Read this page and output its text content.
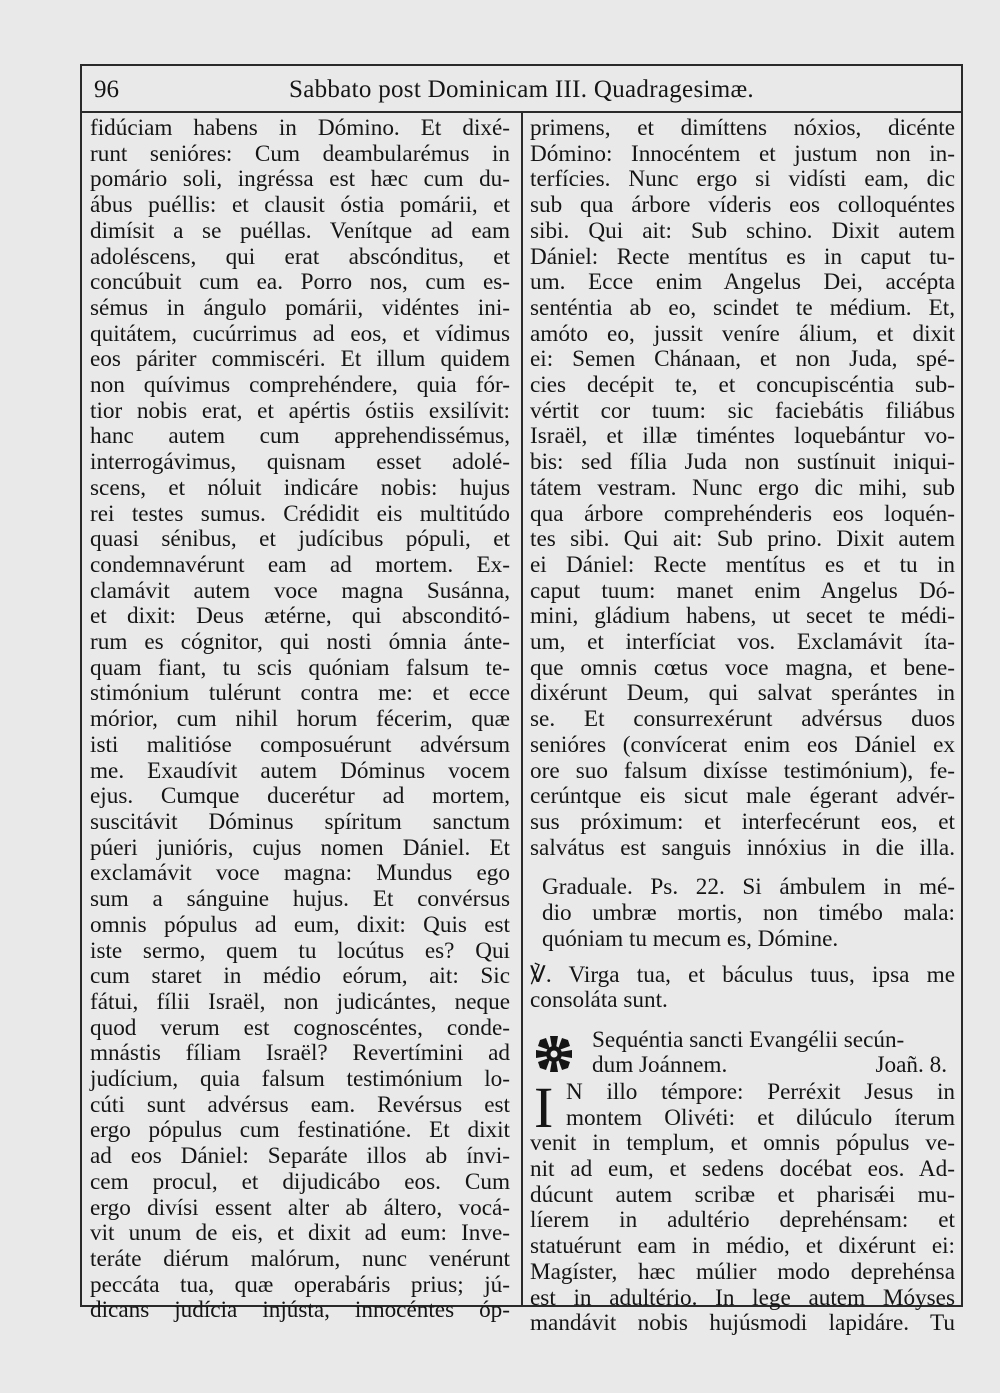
96	Sabbato post Dominicam III. Quadragesimæ.
fidúciam habens in Dómino. Et dixé-
runt senióres: Cum deambularémus in
pomário soli, ingréssa est hæc cum du-
ábus puéllis: et clausit óstia pomárii, et
dimísit a se puéllas. Venítque ad eam
adoléscens, qui erat abscónditus, et
concúbuit cum ea. Porro nos, cum es-
sémus in ángulo pomárii, vidéntes ini-
quitátem, cucúrrimus ad eos, et vídimus
eos páriter commiscéri. Et illum quidem
non quívimus comprehéndere, quia fór-
tior nobis erat, et apértis óstiis exsilívit:
hanc autem cum apprehendissémus,
interrogávimus, quisnam esset adolé-
scens, et nóluit indicáre nobis: hujus
rei testes sumus. Crédidit eis multitúdo
quasi sénibus, et judícibus pópuli, et
condemnavérunt eam ad mortem. Ex-
clamávit autem voce magna Susánna,
et dixit: Deus ætérne, qui absconditó-
rum es cógnitor, qui nosti ómnia ánte-
quam fiant, tu scis quóniam falsum te-
stimónium tulérunt contra me: et ecce
mórior, cum nihil horum fécerim, quæ
isti malitióse composuérunt advérsum
me. Exaudívit autem Dóminus vocem
ejus. Cumque ducerétur ad mortem,
suscitávit Dóminus spíritum sanctum
púeri junióris, cujus nomen Dániel. Et
exclamávit voce magna: Mundus ego
sum a sánguine hujus. Et convérsus
omnis pópulus ad eum, dixit: Quis est
iste sermo, quem tu locútus es? Qui
cum staret in médio eórum, ait: Sic
fátui, fílii Israël, non judicántes, neque
quod verum est cognoscéntes, conde-
mnástis fíliam Israël? Revertímini ad
judícium, quia falsum testimónium lo-
cúti sunt advérsus eam. Revérsus est
ergo pópulus cum festinatióne. Et dixit
ad eos Dániel: Separáte illos ab ínvi-
cem procul, et dijudicábo eos. Cum
ergo divísi essent alter ab áltero, vocá-
vit unum de eis, et dixit ad eum: Inve-
teráte diérum malórum, nunc venérunt
peccáta tua, quæ operabáris prius; jú-
dicans judícia injústa, innocéntes óp-
primens, et dimíttens nóxios, dicénte
Dómino: Innocéntem et justum non in-
terfícies. Nunc ergo si vidísti eam, dic
sub qua árbore víderis eos colloquéntes
sibi. Qui ait: Sub schino. Dixit autem
Dániel: Recte mentítus es in caput tu-
um. Ecce enim Angelus Dei, accépta
senténtia ab eo, scindet te médium. Et,
amóto eo, jussit veníre álium, et dixit
ei: Semen Chánaan, et non Juda, spé-
cies decépit te, et concupiscéntia sub-
vértit cor tuum: sic faciebátis filiábus
Israël, et illæ timéntes loquebántur vo-
bis: sed fília Juda non sustínuit iniqui-
tátem vestram. Nunc ergo dic mihi, sub
qua árbore comprehénderis eos loquén-
tes sibi. Qui ait: Sub prino. Dixit autem
ei Dániel: Recte mentítus es et tu in
caput tuum: manet enim Angelus Dó-
mini, gládium habens, ut secet te médi-
um, et interfíciat vos. Exclamávit íta-
que omnis cœtus voce magna, et bene-
dixérunt Deum, qui salvat sperántes in
se. Et consurrexérunt advérsus duos
senióres (convícerat enim eos Dániel ex
ore suo falsum dixísse testimónium), fe-
cerúntque eis sicut male égerant advér-
sus próximum: et interfecérunt eos, et
salvátus est sanguis innóxius in die illa.
Graduale. Ps. 22. Si ámbulem in mé-
dio umbræ mortis, non timébo mala:
quóniam tu mecum es, Dómine.
℣. Virga tua, et báculus tuus, ipsa me
consoláta sunt.
Sequéntia sancti Evangélii secún-
dum Joánnem.	Joañ. 8.
I N illo témpore: Perréxit Jesus in
montem Olivéti: et dilúculo íterum
venit in templum, et omnis pópulus ve-
nit ad eum, et sedens docébat eos. Ad-
dúcunt autem scribæ et pharisǽi mu-
líerem in adultério deprehénsam: et
statuérunt eam in médio, et dixérunt ei:
Magíster, hæc múlier modo deprehénsa
est in adultério. In lege autem Móyses
mandávit nobis hujúsmodi lapidáre. Tu
